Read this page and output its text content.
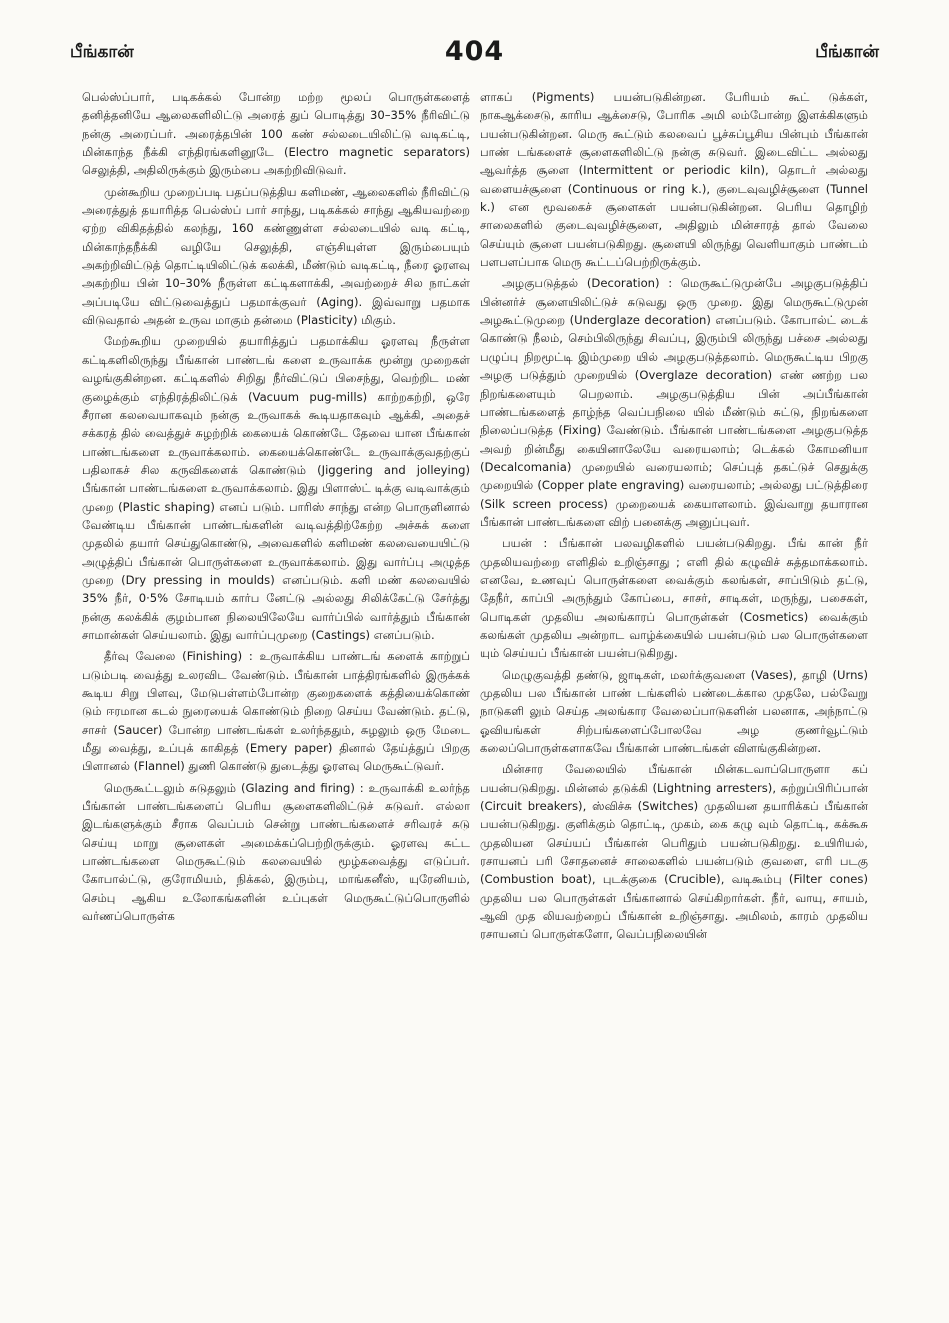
பீங்கான்	404	பீங்கான்

பெல்ஸ்ப்பார், படிகக்கல் போன்ற மற்ற மூலப் பொருள்களைத் தனித்தனியே ஆலைகளிலிட்டு அரைத் துப் பொடித்து 30–35% நீரிவிட்டு நன்கு அரைப்பர். அரைத்தபின் 100 கண் சல்லடையிலிட்டு வடிகட்டி, மின்காந்த நீக்கி எந்திரங்களினூடே (Electro magnetic separators) செலுத்தி, அதிலிருக்கும் இரும்பை அகற்றிவிடுவர்.

முன்கூறிய முறைப்படி பதப்படுத்திய களிமண், ஆலைகளில் நீரிவிட்டு அரைத்துத் தயாரித்த பெல்ஸ்ப் பார் சாந்து, படிகக்கல் சாந்து ஆகியவற்றை ஏற்ற விகிதத்தில் கலந்து, 160 கண்ணுள்ள சல்லடையில் வடி கட்டி, மின்காந்தநீக்கி வழியே செலுத்தி, எஞ்சியுள்ள இரும்பையும் அகற்றிவிட்டுத் தொட்டியிலிட்டுக் கலக்கி, மீண்டும் வடிகட்டி, நீரை ஓரளவு அகற்றிய பின் 10–30% நீருள்ள கட்டிகளாக்கி, அவற்றைச் சில நாட்கள் அப்படியே விட்டுவைத்துப் பதமாக்குவர் (Aging). இவ்வாறு பதமாக விடுவதால் அதன் உருவ மாகும் தன்மை (Plasticity) மிகும்.

மேற்கூறிய முறையில் தயாரித்துப் பதமாக்கிய ஓரளவு நீருள்ள கட்டிகளிலிருந்து பீங்கான் பாண்டங் களை உருவாக்க மூன்று முறைகள் வழங்குகின்றன. கட்டிகளில் சிறிது நீர்விட்டுப் பிசைந்து, வெற்றிட மண் குழைக்கும் எந்திரத்திலிட்டுக் (Vacuum pug-mills) காற்றகற்றி, ஒரே சீரான கலவையாகவும் நன்கு உருவாகக் கூடியதாகவும் ஆக்கி, அதைச் சக்கரத் தில் வைத்துச் சுழற்றிக் கையைக் கொண்டே தேவை யான பீங்கான் பாண்டங்களை உருவாக்கலாம். கையைக்கொண்டே உருவாக்குவதற்குப் பதிலாகச் சில கருவிகளைக் கொண்டும் (Jiggering and jolleying) பீங்கான் பாண்டங்களை உருவாக்கலாம். இது பிளாஸ்ட் டிக்கு வடிவாக்கும் முறை (Plastic shaping) எனப் படும். பாரிஸ் சாந்து என்ற பொருளினால் வேண்டிய பீங்கான் பாண்டங்களின் வடிவத்திற்கேற்ற அச்சுக் களை முதலில் தயார் செய்துகொண்டு, அவைகளில் களிமண் கலவையையிட்டு அழுத்திப் பீங்கான் பொருள்களை உருவாக்கலாம். இது வார்ப்பு அழுத்த முறை (Dry pressing in moulds) எனப்படும். களி மண் கலவையில் 35% நீர், 0·5% சோடியம் கார்ப னேட்டு அல்லது சிலிக்கேட்டு சேர்த்து நன்கு கலக்கிக் குழம்பான நிலையிலேயே வார்ப்பில் வார்த்தும் பீங்கான் சாமான்கள் செய்யலாம். இது வார்ப்புமுறை (Castings) எனப்படும்.

தீர்வு வேலை (Finishing) : உருவாக்கிய பாண்டங் களைக் காற்றுப் படும்படி வைத்து உலரவிட வேண்டும். பீங்கான் பாத்திரங்களில் இருக்கக் கூடிய சிறு பிளவு, மேடுபள்ளம்போன்ற குறைகளைக் கத்தியைக்கொண் டும் ஈரமான கடல் நுரையைக் கொண்டும் நிறை செய்ய வேண்டும். தட்டு, சாசர் (Saucer) போன்ற பாண்டங்கள் உலர்ந்ததும், சுழலும் ஒரு மேடை மீது வைத்து, உப்புக் காகிதத் (Emery paper) தினால் தேய்த்துப் பிறகு பிளானல் (Flannel) துணி கொண்டு துடைத்து ஓரளவு மெருகூட்டுவர்.

மெருகூட்டலும் சுடுதலும் (Glazing and firing) : உருவாக்கி உலர்ந்த பீங்கான் பாண்டங்களைப் பெரிய சூளைகளிலிட்டுச் சுடுவர். எல்லா இடங்களுக்கும் சீராக வெப்பம் சென்று பாண்டங்களைச் சரிவரச் சுடு செய்யு மாறு சூளைகள் அமைக்கப்பெற்றிருக்கும். ஓரளவு சுட்ட பாண்டங்களை மெருகூட்டும் கலவையில் மூழ்கவைத்து எடுப்பர். கோபால்ட்டு, குரோமியம், நிக்கல், இரும்பு, மாங்கனீஸ், யுரேனியம், செம்பு ஆகிய உலோகங்களின் உப்புகள் மெருகூட்டுப்பொருளில் வர்ணப்பொருள்க

ளாகப் (Pigments) பயன்படுகின்றன. பேரியம் கூட் டுக்கள், நாகஆக்சைடு, காரிய ஆக்சைடு, போரிக அமி லம்போன்ற இளக்கிகளும் பயன்படுகின்றன. மெரு கூட்டும் கலவைப் பூச்சுப்பூசிய பின்பும் பீங்கான் பாண் டங்களைச் சூளைகளிலிட்டு நன்கு சுடுவர். இடைவிட்ட அல்லது ஆவர்த்த சூளை (Intermittent or periodic kiln), தொடர் அல்லது வளையச்சூளை (Continuous or ring k.), குடைவுவழிச்சூளை (Tunnel k.) என மூவகைச் சூளைகள் பயன்படுகின்றன. பெரிய தொழிற் சாலைகளில் குடைவுவழிச்சூளை, அதிலும் மின்சாரத் தால் வேலை செய்யும் சூளை பயன்படுகிறது. சூளையி லிருந்து வெளியாகும் பாண்டம் பளபளப்பாக மெரு கூட்டப்பெற்றிருக்கும்.

அழகுபடுத்தல் (Decoration) : மெருகூட்டுமுன்பே அழகுபடுத்திப் பின்னர்ச் சூளையிலிட்டுச் சுடுவது ஒரு முறை. இது மெருகூட்டுமுன் அழகூட்டுமுறை (Underglaze decoration) எனப்படும். கோபால்ட் டைக் கொண்டு நீலம், செம்பிலிருந்து சிவப்பு, இரும்பி லிருந்து பச்சை அல்லது பழுப்பு நிறமூட்டி இம்முறை யில் அழகுபடுத்தலாம். மெருகூட்டிய பிறகு அழகு படுத்தும் முறையில் (Overglaze decoration) எண் ணற்ற பல நிறங்களையும் பெறலாம். அழகுபடுத்திய பின் அப்பீங்கான் பாண்டங்களைத் தாழ்ந்த வெப்பநிலை யில் மீண்டும் சுட்டு, நிறங்களை நிலைப்படுத்த (Fixing) வேண்டும். பீங்கான் பாண்டங்களை அழகுபடுத்த அவற் றின்மீது கையினாலேயே வரையலாம்; டெக்கல் கோமனியா (Decalcomania) முறையில் வரையலாம்; செப்புத் தகட்டுச் செதுக்கு முறையில் (Copper plate engraving) வரையலாம்; அல்லது பட்டுத்திரை (Silk screen process) முறையைக் கையாளலாம். இவ்வாறு தயாரான பீங்கான் பாண்டங்களை விற் பனைக்கு அனுப்புவர்.

பயன் : பீங்கான் பலவழிகளில் பயன்படுகிறது. பீங் கான் நீர் முதலியவற்றை எளிதில் உறிஞ்சாது ; எளி தில் கழுவிச் சுத்தமாக்கலாம். எனவே, உணவுப் பொருள்களை வைக்கும் கலங்கள், சாப்பிடும் தட்டு, தேநீர், காப்பி அருந்தும் கோப்பை, சாசர், சாடிகள், மருந்து, பசைகள், பொடிகள் முதலிய அலங்காரப் பொருள்கள் (Cosmetics) வைக்கும் கலங்கள் முதலிய அன்றாட வாழ்க்கையில் பயன்படும் பல பொருள்களை யும் செய்யப் பீங்கான் பயன்படுகிறது.

மெழுகுவத்தி தண்டு, ஜாடிகள், மலர்க்குவளை (Vases), தாழி (Urns) முதலிய பல பீங்கான் பாண் டங்களில் பண்டைக்கால முதலே, பல்வேறு நாடுகளி லும் செய்த அலங்கார வேலைப்பாடுகளின் பலனாக, அந்நாட்டு ஓவியங்கள் சிற்பங்களைப்போலவே அழ குணர்வூட்டும் கலைப்பொருள்களாகவே பீங்கான் பாண்டங்கள் விளங்குகின்றன.

மின்சார வேலையில் பீங்கான் மின்கடவாப்பொருளா கப் பயன்படுகிறது. மின்னல் தடுக்கி (Lightning arresters), சுற்றுப்பிரிப்பான் (Circuit breakers), ஸ்விச்சு (Switches) முதலியன தயாரிக்கப் பீங்கான் பயன்படுகிறது. குளிக்கும் தொட்டி, முகம், கை கழு வும் தொட்டி, கக்கூசு முதலியன செய்யப் பீங்கான் பெரிதும் பயன்படுகிறது. உயிரியல், ரசாயனப் பரி சோதனைச் சாலைகளில் பயன்படும் குவளை, எரி படகு (Combustion boat), புடக்குகை (Crucible), வடிகூம்பு (Filter cones) முதலிய பல பொருள்கள் பீங்கானால் செய்கிறார்கள். நீர், வாயு, சாயம், ஆவி முத லியவற்றைப் பீங்கான் உறிஞ்சாது. அமிலம், காரம் முதலிய ரசாயனப் பொருள்களோ, வெப்பநிலையின்
